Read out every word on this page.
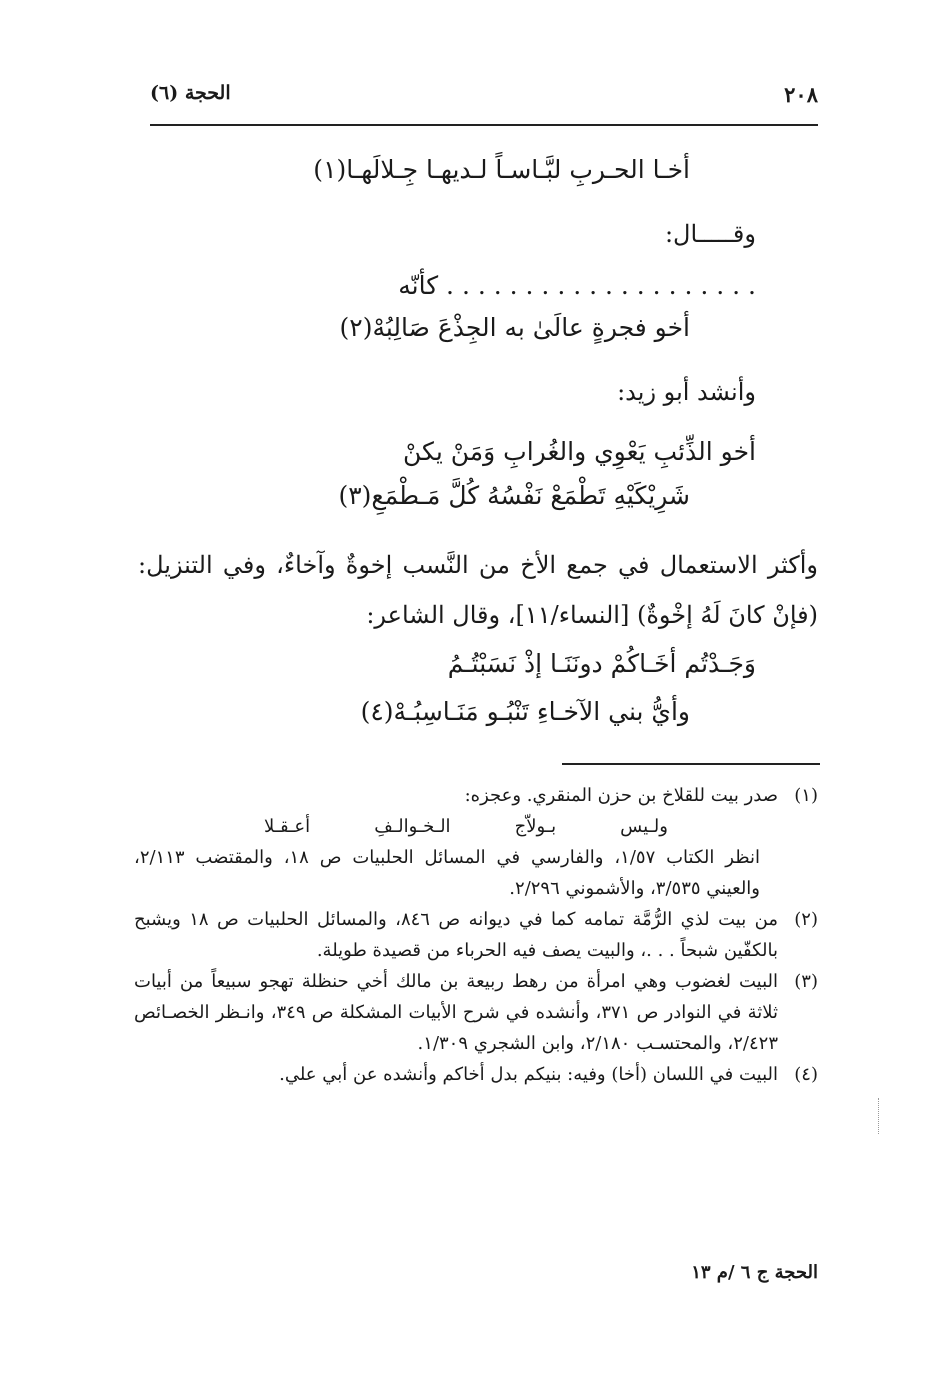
٢٠٨
الحجة (٦)
أخـا الحـربِ لبَّـاسـاً لـديهـا جِـلالَهـا(١)
وقـــــال:
. . . . . . . . . . . . . . . . . . . . كأنّه
أخو فجرةٍ عالَىٰ به الجِذْعَ صَالِبُهْ(٢)
وأنشد أبو زيد:
أخو الذِّئبِ يَعْوِي والغُرابِ وَمَنْ يكنْ
شَرِيْكَيْهِ تَطْمَعْ نَفْسُهُ كُلَّ مَـطْمَعِ(٣)
وأكثر الاستعمال في جمع الأخ من النَّسب إخوةٌ وآخاءٌ، وفي التنزيل: (فإنْ كانَ لَهُ إخْوةٌ) [النساء/١١]، وقال الشاعر:
وَجَـدْتُم أخَـاكُمْ دونَنَـا إذْ نَسَبْتُـمُ
وأيُّ بني الآخـاءِ تَنْبُـو مَنَـاسِبُـهْ(٤)
(١)
صدر بيت للقلاخ بن حزن المنقري. وعجزه:
ولـيس
بـولاّج
الـخـوالـفِ
أعـقـلا
انظر الكتاب ١/٥٧، والفارسي في المسائل الحلبيات ص ١٨، والمقتضب ٢/١١٣، والعيني ٣/٥٣٥، والأشموني ٢/٢٩٦.
(٢)
من بيت لذي الرُّمَّة تمامه كما في ديوانه ص ٨٤٦، والمسائل الحلبيات ص ١٨ ويشبح بالكفّين شبحاً . . .، والبيت يصف فيه الحرباء من قصيدة طويلة.
(٣)
البيت لغضوب وهي امرأة من رهط ربيعة بن مالك أخي حنظلة تهجو سبيعاً من أبيات ثلاثة في النوادر ص ٣٧١، وأنشده في شرح الأبيات المشكلة ص ٣٤٩، وانـظر الخصـائص ٢/٤٢٣، والمحتسـب ٢/١٨٠، وابن الشجري ١/٣٠٩.
(٤)
البيت في اللسان (أخا) وفيه: بنيكم بدل أخاكم وأنشده عن أبي علي.
الحجة ج ٦ /م ١٣
